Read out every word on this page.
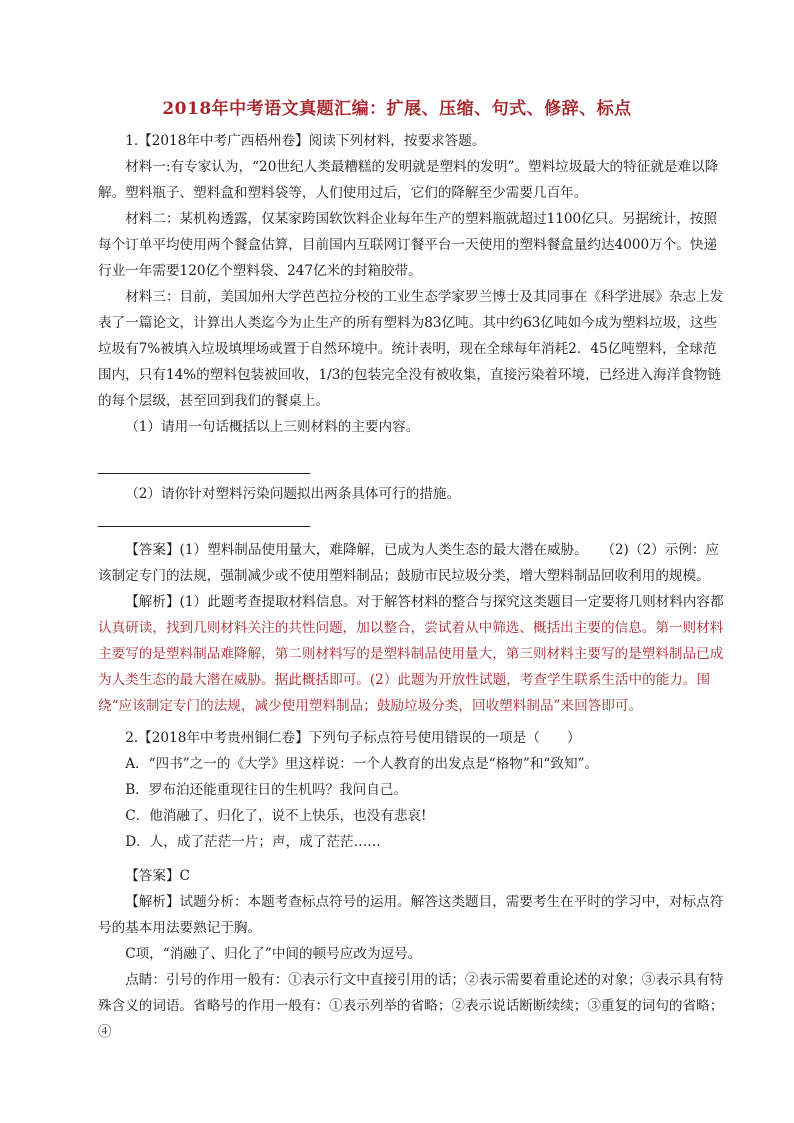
2018年中考语文真题汇编：扩展、压缩、句式、修辞、标点

1.【2018年中考广西梧州卷】阅读下列材料，按要求答题。

材料一:有专家认为，“20世纪人类最糟糕的发明就是塑料的发明”。塑料垃圾最大的特征就是难以降解。塑料瓶子、塑料盒和塑料袋等，人们使用过后，它们的降解至少需要几百年。

材料二：某机构透露，仅某家跨国软饮料企业每年生产的塑料瓶就超过1100亿只。另据统计，按照每个订单平均使用两个餐盒估算，目前国内互联网订餐平台一天使用的塑料餐盒量约达4000万个。快递行业一年需要120亿个塑料袋、247亿米的封箱胶带。

材料三：目前，美国加州大学芭芭拉分校的工业生态学家罗兰博士及其同事在《科学进展》杂志上发表了一篇论文，计算出人类迄今为止生产的所有塑料为83亿吨。其中约63亿吨如今成为塑料垃圾，这些垃圾有7%被填入垃圾填埋场或置于自然环境中。统计表明，现在全球每年消耗2．45亿吨塑料，全球范围内，只有14%的塑料包装被回收，1/3的包装完全没有被收集，直接污染着环境，已经进入海洋食物链的每个层级，甚至回到我们的餐桌上。

（1）请用一句话概括以上三则材料的主要内容。

（2）请你针对塑料污染问题拟出两条具体可行的措施。

【答案】(1）塑料制品使用量大，难降解，已成为人类生态的最大潜在威胁。　　（2)（2）示例：应该制定专门的法规，强制减少或不使用塑料制品；鼓励市民垃圾分类，增大塑料制品回收利用的规模。

【解析】(1）此题考查提取材料信息。对于解答材料的整合与探究这类题目一定要将几则材料内容都

认真研读，找到几则材料关注的共性问题，加以整合，尝试着从中筛选、概括出主要的信息。第一则材料主要写的是塑料制品难降解，第二则材料写的是塑料制品使用量大，第三则材料主要写的是塑料制品已成为人类生态的最大潜在威胁。据此概括即可。(2）此题为开放性试题，考查学生联系生活中的能力。围绕“应该制定专门的法规，减少使用塑料制品；鼓励垃圾分类，回收塑料制品”来回答即可。

2.【2018年中考贵州铜仁卷】下列句子标点符号使用错误的一项是（　　）

A．“四书”之一的《大学》里这样说：一个人教育的出发点是“格物”和“致知”。

B．罗布泊还能重现往日的生机吗？我问自己。

C．他消融了、归化了，说不上快乐，也没有悲哀!

D．人，成了茫茫一片；声，成了茫茫……

【答案】C

【解析】试题分析：本题考查标点符号的运用。解答这类题目，需要考生在平时的学习中，对标点符号的基本用法要熟记于胸。

C项，“消融了、归化了”中间的顿号应改为逗号。

点睛：引号的作用一般有：①表示行文中直接引用的话；②表示需要着重论述的对象；③表示具有特殊含义的词语。省略号的作用一般有：①表示列举的省略；②表示说话断断续续；③重复的词句的省略；④
